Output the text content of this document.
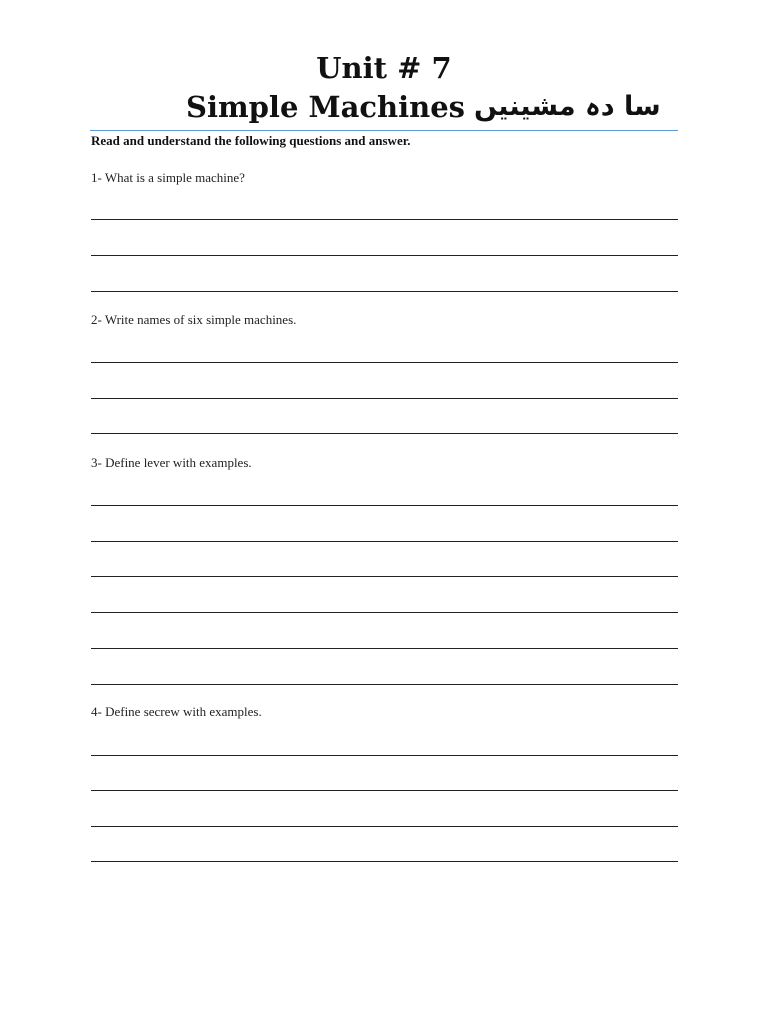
Unit # 7
Simple Machines سا دہ مشینیں
Read and understand the following questions and answer.
1- What is a simple machine?
2- Write names of six simple machines.
3- Define lever with examples.
4- Define secrew with examples.
